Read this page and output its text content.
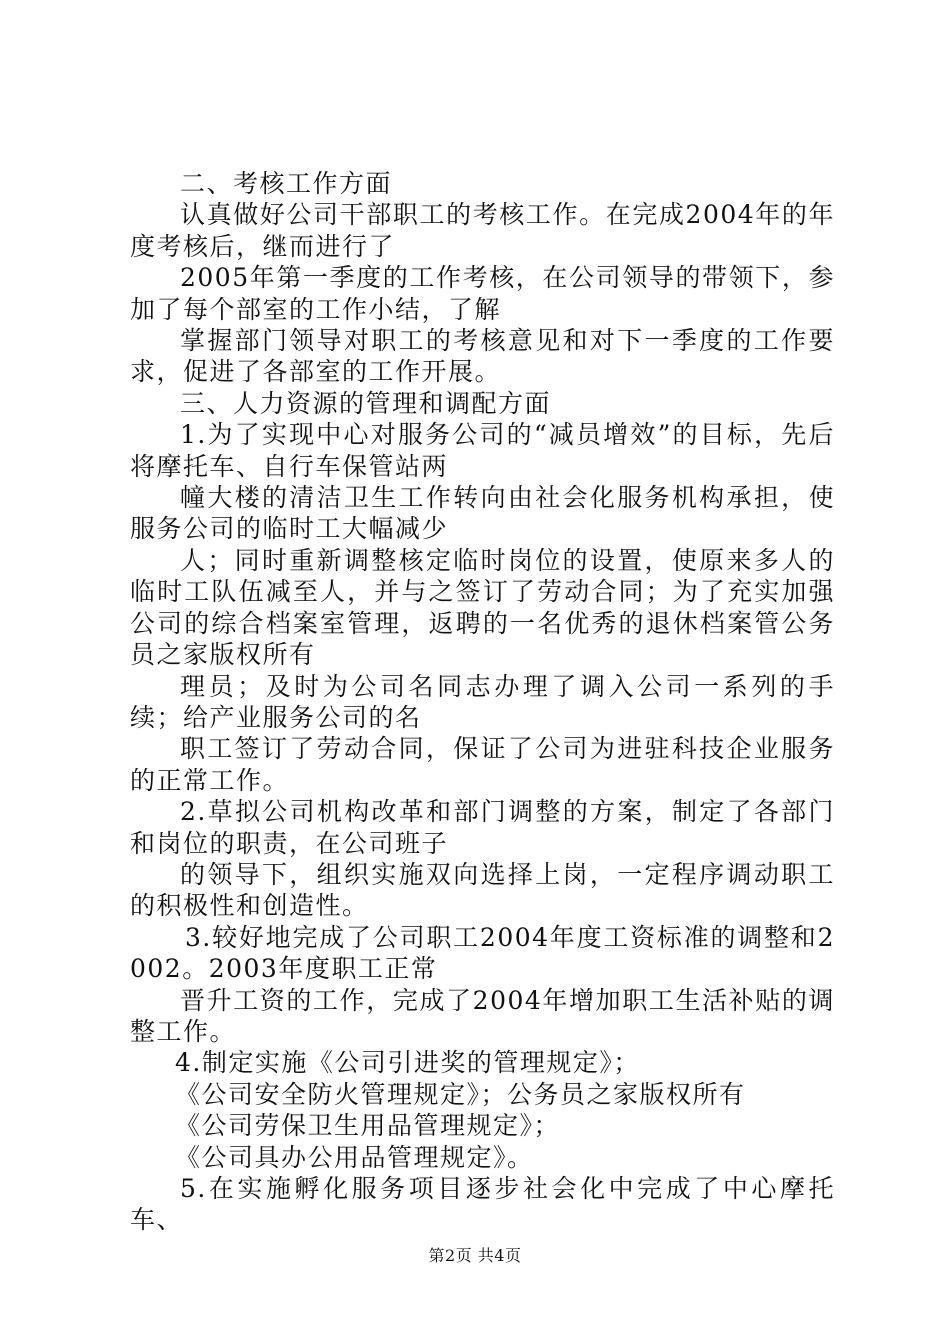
二、考核工作方面

认真做好公司干部职工的考核工作。在完成2004年的年度考核后，继而进行了

2005年第一季度的工作考核，在公司领导的带领下，参加了每个部室的工作小结，了解

掌握部门领导对职工的考核意见和对下一季度的工作要求，促进了各部室的工作开展。

三、人力资源的管理和调配方面

1.为了实现中心对服务公司的“减员增效”的目标，先后将摩托车、自行车保管站两

幢大楼的清洁卫生工作转向由社会化服务机构承担，使服务公司的临时工大幅减少

人；同时重新调整核定临时岗位的设置，使原来多人的临时工队伍减至人，并与之签订了劳动合同；为了充实加强公司的综合档案室管理，返聘的一名优秀的退休档案管公务员之家版权所有

理员；及时为公司名同志办理了调入公司一系列的手续；给产业服务公司的名

职工签订了劳动合同，保证了公司为进驻科技企业服务的正常工作。

2.草拟公司机构改革和部门调整的方案，制定了各部门和岗位的职责，在公司班子

的领导下，组织实施双向选择上岗，一定程序调动职工的积极性和创造性。

3.较好地完成了公司职工2004年度工资标准的调整和2002。2003年度职工正常

晋升工资的工作，完成了2004年增加职工生活补贴的调整工作。

4.制定实施《公司引进奖的管理规定》；

《公司安全防火管理规定》；公务员之家版权所有

《公司劳保卫生用品管理规定》；

《公司具办公用品管理规定》。

5.在实施孵化服务项目逐步社会化中完成了中心摩托车、

第2页 共4页
